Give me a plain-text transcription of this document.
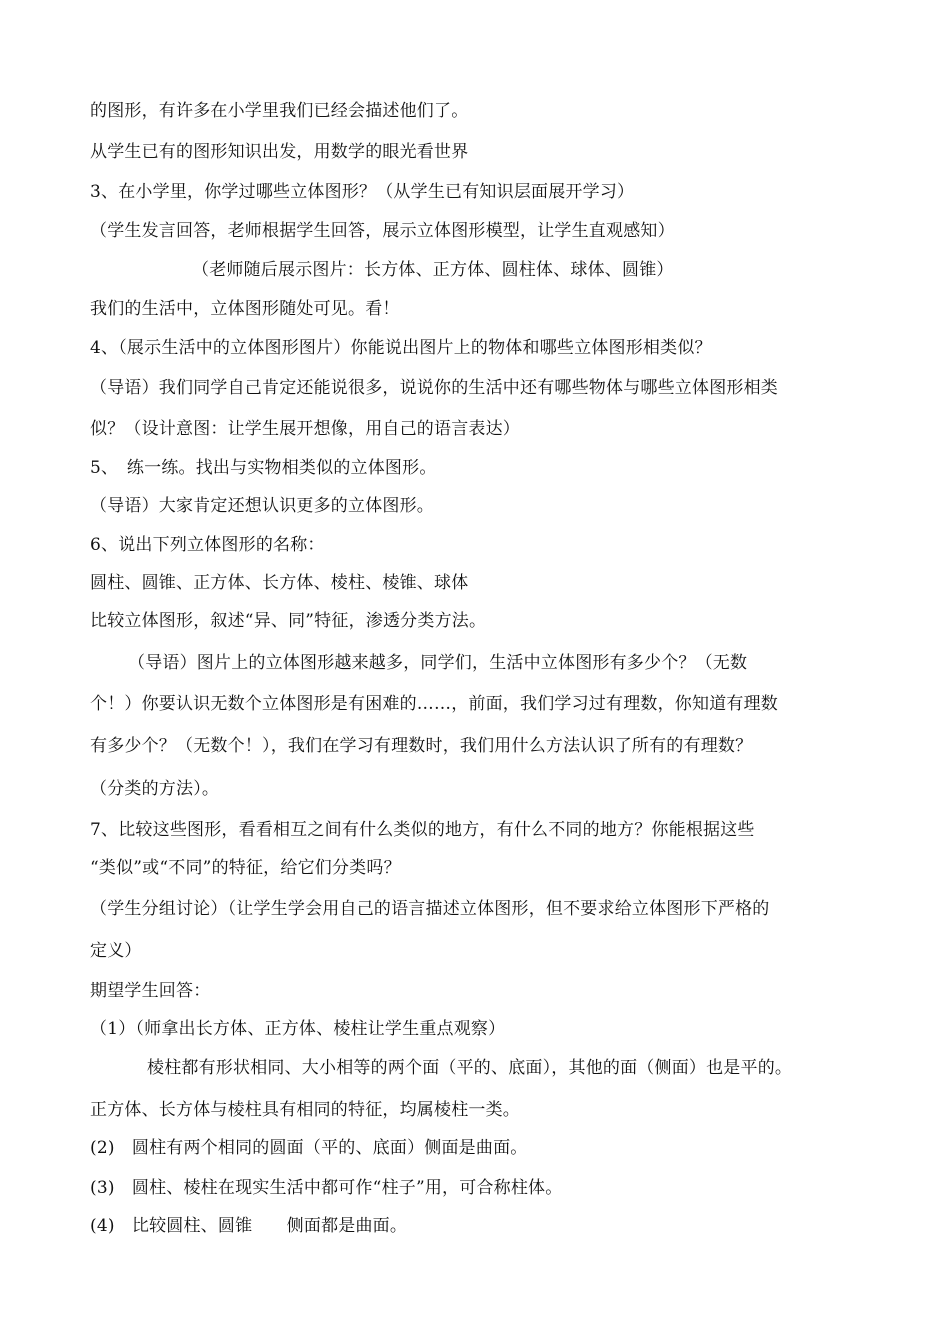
的图形，有许多在小学里我们已经会描述他们了。
从学生已有的图形知识出发，用数学的眼光看世界
3、在小学里，你学过哪些立体图形？（从学生已有知识层面展开学习）
（学生发言回答，老师根据学生回答，展示立体图形模型，让学生直观感知）
（老师随后展示图片：长方体、正方体、圆柱体、球体、圆锥）
我们的生活中，立体图形随处可见。看！
4、（展示生活中的立体图形图片）你能说出图片上的物体和哪些立体图形相类似？
（导语）我们同学自己肯定还能说很多，说说你的生活中还有哪些物体与哪些立体图形相类
似？（设计意图：让学生展开想像，用自己的语言表达）
5、　练一练。找出与实物相类似的立体图形。
（导语）大家肯定还想认识更多的立体图形。
6、说出下列立体图形的名称：
圆柱、圆锥、正方体、长方体、棱柱、棱锥、球体
比较立体图形，叙述“异、同”特征，渗透分类方法。
（导语）图片上的立体图形越来越多，同学们，生活中立体图形有多少个？（无数
个！）你要认识无数个立体图形是有困难的……，前面，我们学习过有理数，你知道有理数
有多少个？（无数个！），我们在学习有理数时，我们用什么方法认识了所有的有理数？
（分类的方法）。
7、比较这些图形，看看相互之间有什么类似的地方，有什么不同的地方？你能根据这些
“类似”或“不同”的特征，给它们分类吗？
（学生分组讨论）（让学生学会用自己的语言描述立体图形，但不要求给立体图形下严格的
定义）
期望学生回答：
（1）（师拿出长方体、正方体、棱柱让学生重点观察）
棱柱都有形状相同、大小相等的两个面（平的、底面），其他的面（侧面）也是平的。
正方体、长方体与棱柱具有相同的特征，均属棱柱一类。
(2)　圆柱有两个相同的圆面（平的、底面）侧面是曲面。
(3)　圆柱、棱柱在现实生活中都可作“柱子”用，可合称柱体。
(4)　比较圆柱、圆锥　　侧面都是曲面。
